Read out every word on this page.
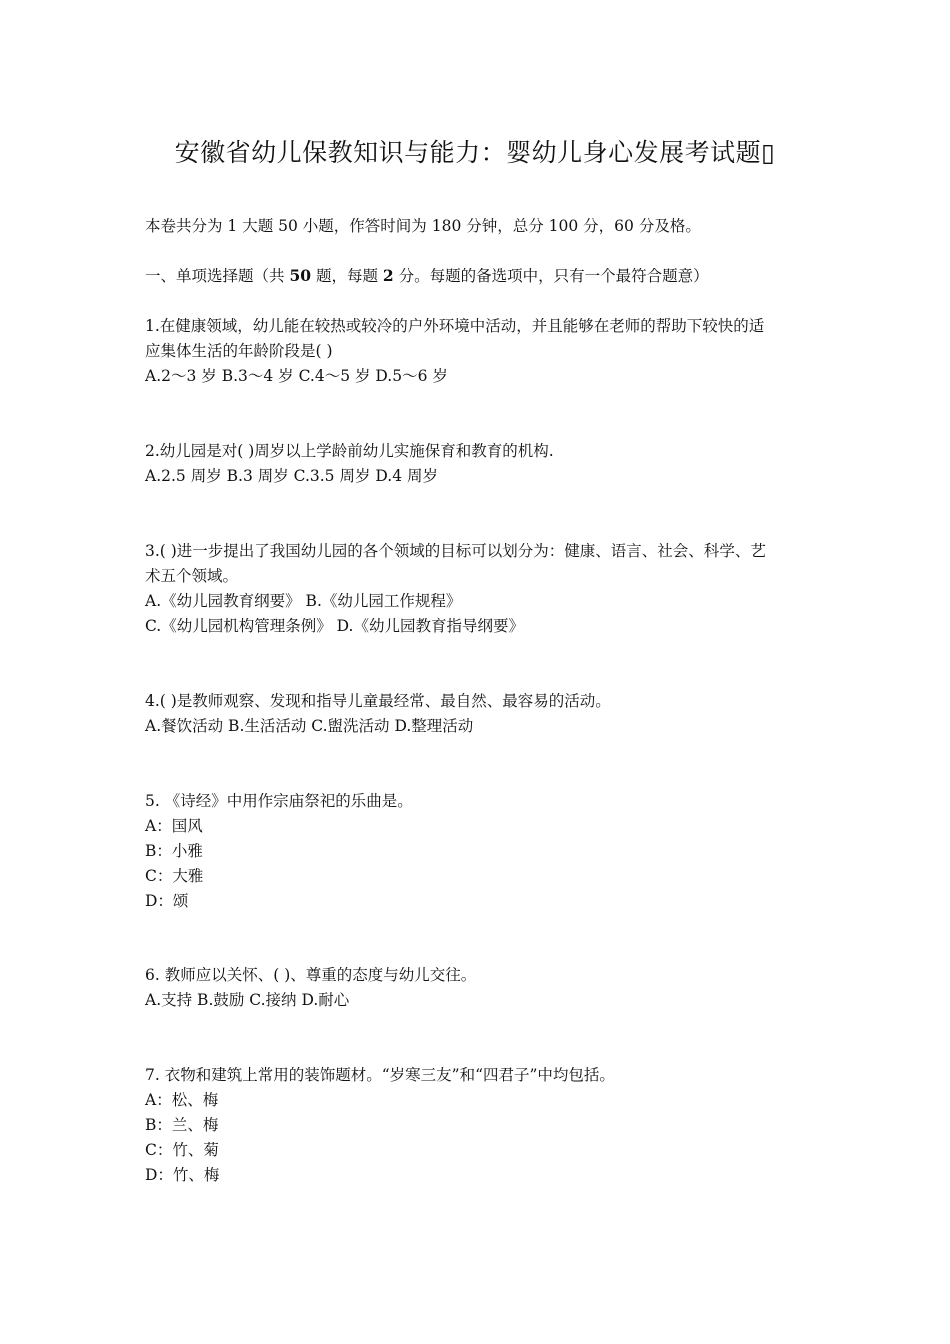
安徽省幼儿保教知识与能力：婴幼儿身心发展考试题▯
本卷共分为 1 大题 50 小题，作答时间为 180 分钟，总分 100 分，60 分及格。
一、单项选择题（共 50 题，每题 2 分。每题的备选项中，只有一个最符合题意）
1.在健康领域，幼儿能在较热或较冷的户外环境中活动，并且能够在老师的帮助下较快的适
应集体生活的年龄阶段是( )
A.2～3 岁 B.3～4 岁 C.4～5 岁 D.5～6 岁
2.幼儿园是对( )周岁以上学龄前幼儿实施保育和教育的机构.
A.2.5 周岁 B.3 周岁 C.3.5 周岁 D.4 周岁
3.( )进一步提出了我国幼儿园的各个领域的目标可以划分为：健康、语言、社会、科学、艺
术五个领域。
A.《幼儿园教育纲要》 B.《幼儿园工作规程》
C.《幼儿园机构管理条例》 D.《幼儿园教育指导纲要》
4.( )是教师观察、发现和指导儿童最经常、最自然、最容易的活动。
A.餐饮活动 B.生活活动 C.盥洗活动 D.整理活动
5. 《诗经》中用作宗庙祭祀的乐曲是。
A：国风
B：小雅
C：大雅
D：颂
6. 教师应以关怀、( )、尊重的态度与幼儿交往。
A.支持 B.鼓励 C.接纳 D.耐心
7. 衣物和建筑上常用的装饰题材。“岁寒三友”和“四君子”中均包括。
A：松、梅
B：兰、梅
C：竹、菊
D：竹、梅
